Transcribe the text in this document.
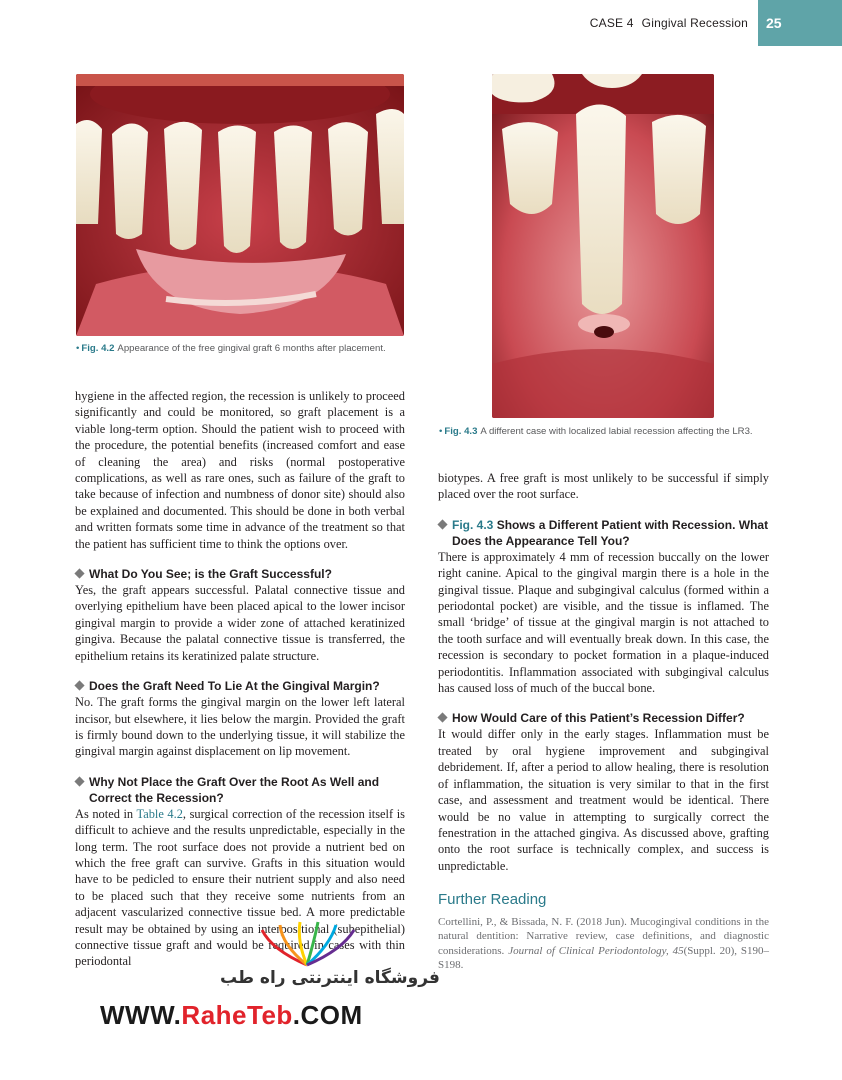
CASE 4 Gingival Recession	25
• Fig. 4.2 Appearance of the free gingival graft 6 months after placement.
• Fig. 4.3 A different case with localized labial recession affecting the LR3.

hygiene in the affected region, the recession is unlikely to proceed significantly and could be monitored, so graft placement is a viable long-term option. Should the patient wish to proceed with the procedure, the potential benefits (increased comfort and ease of cleaning the area) and risks (normal postoperative complications, as well as rare ones, such as failure of the graft to take because of infection and numbness of donor site) should also be explained and documented. This should be done in both verbal and written formats some time in advance of the treatment so that the patient has sufficient time to think the options over.

What Do You See; is the Graft Successful?

Yes, the graft appears successful. Palatal connective tissue and overlying epithelium have been placed apical to the lower incisor gingival margin to provide a wider zone of attached keratinized gingiva. Because the palatal connective tissue is transferred, the epithelium retains its keratinized palate structure.

Does the Graft Need To Lie At the Gingival Margin?

No. The graft forms the gingival margin on the lower left lateral incisor, but elsewhere, it lies below the margin. Provided the graft is firmly bound down to the underlying tissue, it will stabilize the gingival margin against displacement on lip movement.

Why Not Place the Graft Over the Root As Well and Correct the Recession?

As noted in Table 4.2, surgical correction of the recession itself is difficult to achieve and the results unpredictable, especially in the long term. The root surface does not provide a nutrient bed on which the free graft can survive. Grafts in this situation would have to be pedicled to ensure their nutrient supply and also need to be placed such that they receive some nutrients from an adjacent vascularized connective tissue bed. A more predictable result may be obtained by using an interpositional (subepithelial) connective tissue graft and would be required in cases with thin periodontal

biotypes. A free graft is most unlikely to be successful if simply placed over the root surface.

Fig. 4.3 Shows a Different Patient with Recession. What Does the Appearance Tell You?

There is approximately 4 mm of recession buccally on the lower right canine. Apical to the gingival margin there is a hole in the gingival tissue. Plaque and subgingival calculus (formed within a periodontal pocket) are visible, and the tissue is inflamed. The small ‘bridge’ of tissue at the gingival margin is not attached to the tooth surface and will eventually break down. In this case, the recession is secondary to pocket formation in a plaque-induced periodontitis. Inflammation associated with subgingival calculus has caused loss of much of the buccal bone.

How Would Care of this Patient’s Recession Differ?

It would differ only in the early stages. Inflammation must be treated by oral hygiene improvement and subgingival debridement. If, after a period to allow healing, there is resolution of inflammation, the situation is very similar to that in the first case, and assessment and treatment would be identical. There would be no value in attempting to surgically correct the fenestration in the attached gingiva. As discussed above, grafting onto the root surface is technically complex, and success is unpredictable.

Further Reading
Cortellini, P., & Bissada, N. F. (2018 Jun). Mucogingival conditions in the natural dentition: Narrative review, case definitions, and diagnostic considerations. Journal of Clinical Periodontology, 45(Suppl. 20), S190–S198.
فروشگاه اینترنتی راه طب
WWW.RaheTeb.COM
